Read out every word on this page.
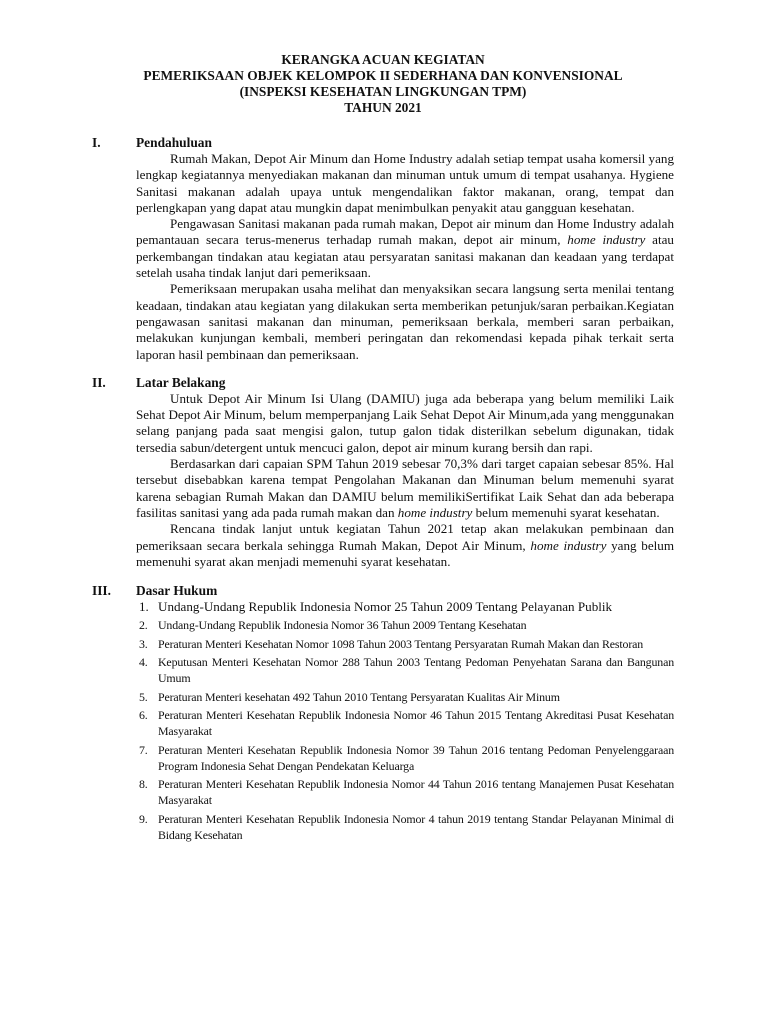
KERANGKA ACUAN KEGIATAN
PEMERIKSAAN OBJEK KELOMPOK II SEDERHANA DAN KONVENSIONAL
(INSPEKSI KESEHATAN LINGKUNGAN TPM)
TAHUN 2021
I.	Pendahuluan

Rumah Makan, Depot Air Minum dan Home Industry adalah setiap tempat usaha komersil yang lengkap kegiatannya menyediakan makanan dan minuman untuk umum di tempat usahanya. Hygiene Sanitasi makanan adalah upaya untuk mengendalikan faktor makanan, orang, tempat dan perlengkapan yang dapat atau mungkin dapat menimbulkan penyakit atau gangguan kesehatan.

Pengawasan Sanitasi makanan pada rumah makan, Depot air minum dan Home Industry adalah pemantauan secara terus-menerus terhadap rumah makan, depot air minum, home industry atau perkembangan tindakan atau kegiatan atau persyaratan sanitasi makanan dan keadaan yang terdapat setelah usaha tindak lanjut dari pemeriksaan.

Pemeriksaan merupakan usaha melihat dan menyaksikan secara langsung serta menilai tentang keadaan, tindakan atau kegiatan yang dilakukan serta memberikan petunjuk/saran perbaikan.Kegiatan pengawasan sanitasi makanan dan minuman, pemeriksaan berkala, memberi saran perbaikan, melakukan kunjungan kembali, memberi peringatan dan rekomendasi kepada pihak terkait serta laporan hasil pembinaan dan pemeriksaan.

II. Latar Belakang

Untuk Depot Air Minum Isi Ulang (DAMIU) juga ada beberapa yang belum memiliki Laik Sehat Depot Air Minum, belum memperpanjang Laik Sehat Depot Air Minum,ada yang menggunakan selang panjang pada saat mengisi galon, tutup galon tidak disterilkan sebelum digunakan, tidak tersedia sabun/detergent untuk mencuci galon, depot air minum kurang bersih dan rapi.

Berdasarkan dari capaian SPM Tahun 2019 sebesar 70,3% dari target capaian sebesar 85%. Hal tersebut disebabkan karena tempat Pengolahan Makanan dan Minuman belum memenuhi syarat karena sebagian Rumah Makan dan DAMIU belum memilikiSertifikat Laik Sehat dan ada beberapa fasilitas sanitasi yang ada pada rumah makan dan home industry belum memenuhi syarat kesehatan.

Rencana tindak lanjut untuk kegiatan Tahun 2021 tetap akan melakukan pembinaan dan pemeriksaan secara berkala sehingga Rumah Makan, Depot Air Minum, home industry yang belum memenuhi syarat akan menjadi memenuhi syarat kesehatan.

III. Dasar Hukum
1. Undang-Undang Republik Indonesia Nomor 25 Tahun 2009 Tentang Pelayanan Publik
2. Undang-Undang Republik Indonesia Nomor 36 Tahun 2009 Tentang Kesehatan
3. Peraturan Menteri Kesehatan Nomor 1098 Tahun 2003 Tentang Persyaratan Rumah Makan dan Restoran
4. Keputusan Menteri Kesehatan Nomor 288 Tahun 2003 Tentang Pedoman Penyehatan Sarana dan Bangunan Umum
5. Peraturan Menteri kesehatan 492 Tahun 2010 Tentang Persyaratan Kualitas Air Minum
6. Peraturan Menteri Kesehatan Republik Indonesia Nomor 46 Tahun 2015 Tentang Akreditasi Pusat Kesehatan Masyarakat
7. Peraturan Menteri Kesehatan Republik Indonesia Nomor 39 Tahun 2016 tentang Pedoman Penyelenggaraan Program Indonesia Sehat Dengan Pendekatan Keluarga
8. Peraturan Menteri Kesehatan Republik Indonesia Nomor 44 Tahun 2016 tentang Manajemen Pusat Kesehatan Masyarakat
9. Peraturan Menteri Kesehatan Republik Indonesia Nomor 4 tahun 2019 tentang Standar Pelayanan Minimal di Bidang Kesehatan
